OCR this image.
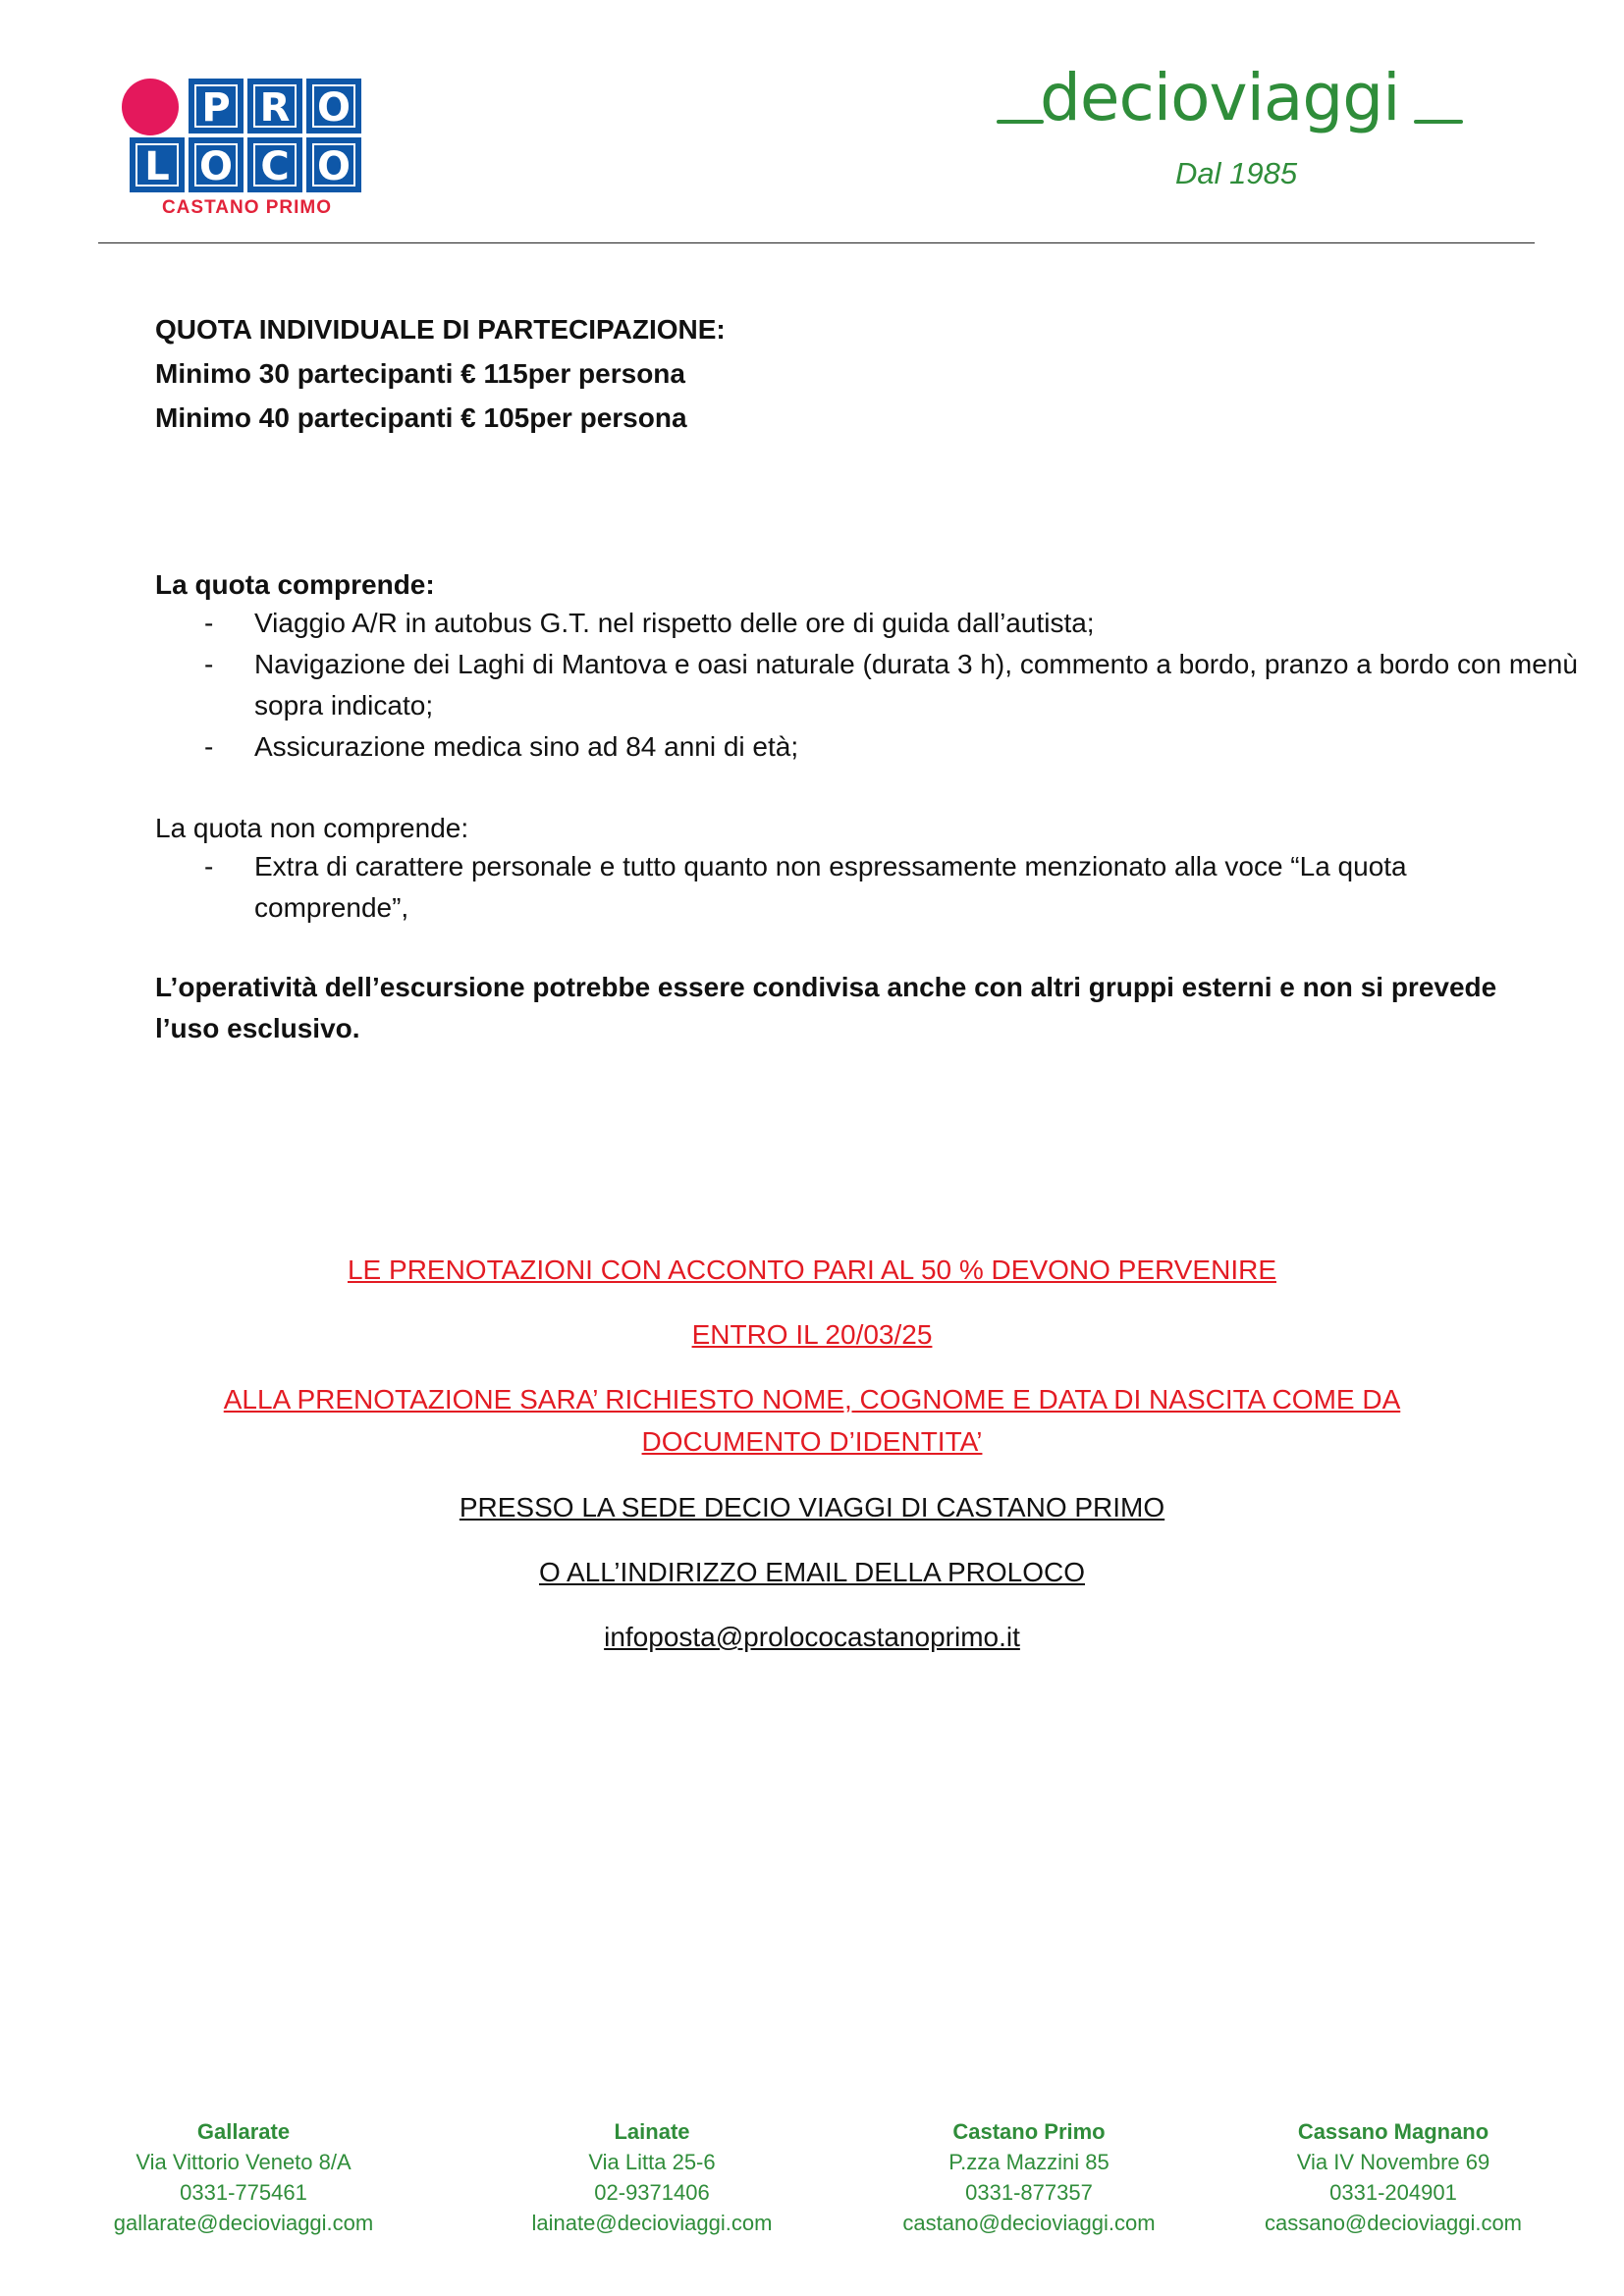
P R O
L O C O
CASTANO PRIMO
decioviaggi
Dal 1985
QUOTA INDIVIDUALE DI PARTECIPAZIONE:
Minimo 30 partecipanti € 115per persona
Minimo 40 partecipanti € 105per persona
La quota comprende:
- Viaggio A/R in autobus G.T. nel rispetto delle ore di guida dall’autista;
- Navigazione dei Laghi di Mantova e oasi naturale (durata 3 h), commento a bordo, pranzo a bordo con menù sopra indicato;
- Assicurazione medica sino ad 84 anni di età;
La quota non comprende:
- Extra di carattere personale e tutto quanto non espressamente menzionato alla voce “La quota comprende”,
L’operatività dell’escursione potrebbe essere condivisa anche con altri gruppi esterni e non si prevede l’uso esclusivo.
LE PRENOTAZIONI CON ACCONTO PARI AL 50 % DEVONO PERVENIRE
ENTRO IL 20/03/25
ALLA PRENOTAZIONE SARA’ RICHIESTO NOME, COGNOME E DATA DI NASCITA COME DA
DOCUMENTO D’IDENTITA’
PRESSO LA SEDE DECIO VIAGGI DI CASTANO PRIMO
O ALL’INDIRIZZO EMAIL DELLA PROLOCO
infoposta@prolococastanoprimo.it
Gallarate
Via Vittorio Veneto 8/A
0331-775461
gallarate@decioviaggi.com
Lainate
Via Litta 25-6
02-9371406
lainate@decioviaggi.com
Castano Primo
P.zza Mazzini 85
0331-877357
castano@decioviaggi.com
Cassano Magnano
Via IV Novembre 69
0331-204901
cassano@decioviaggi.com
